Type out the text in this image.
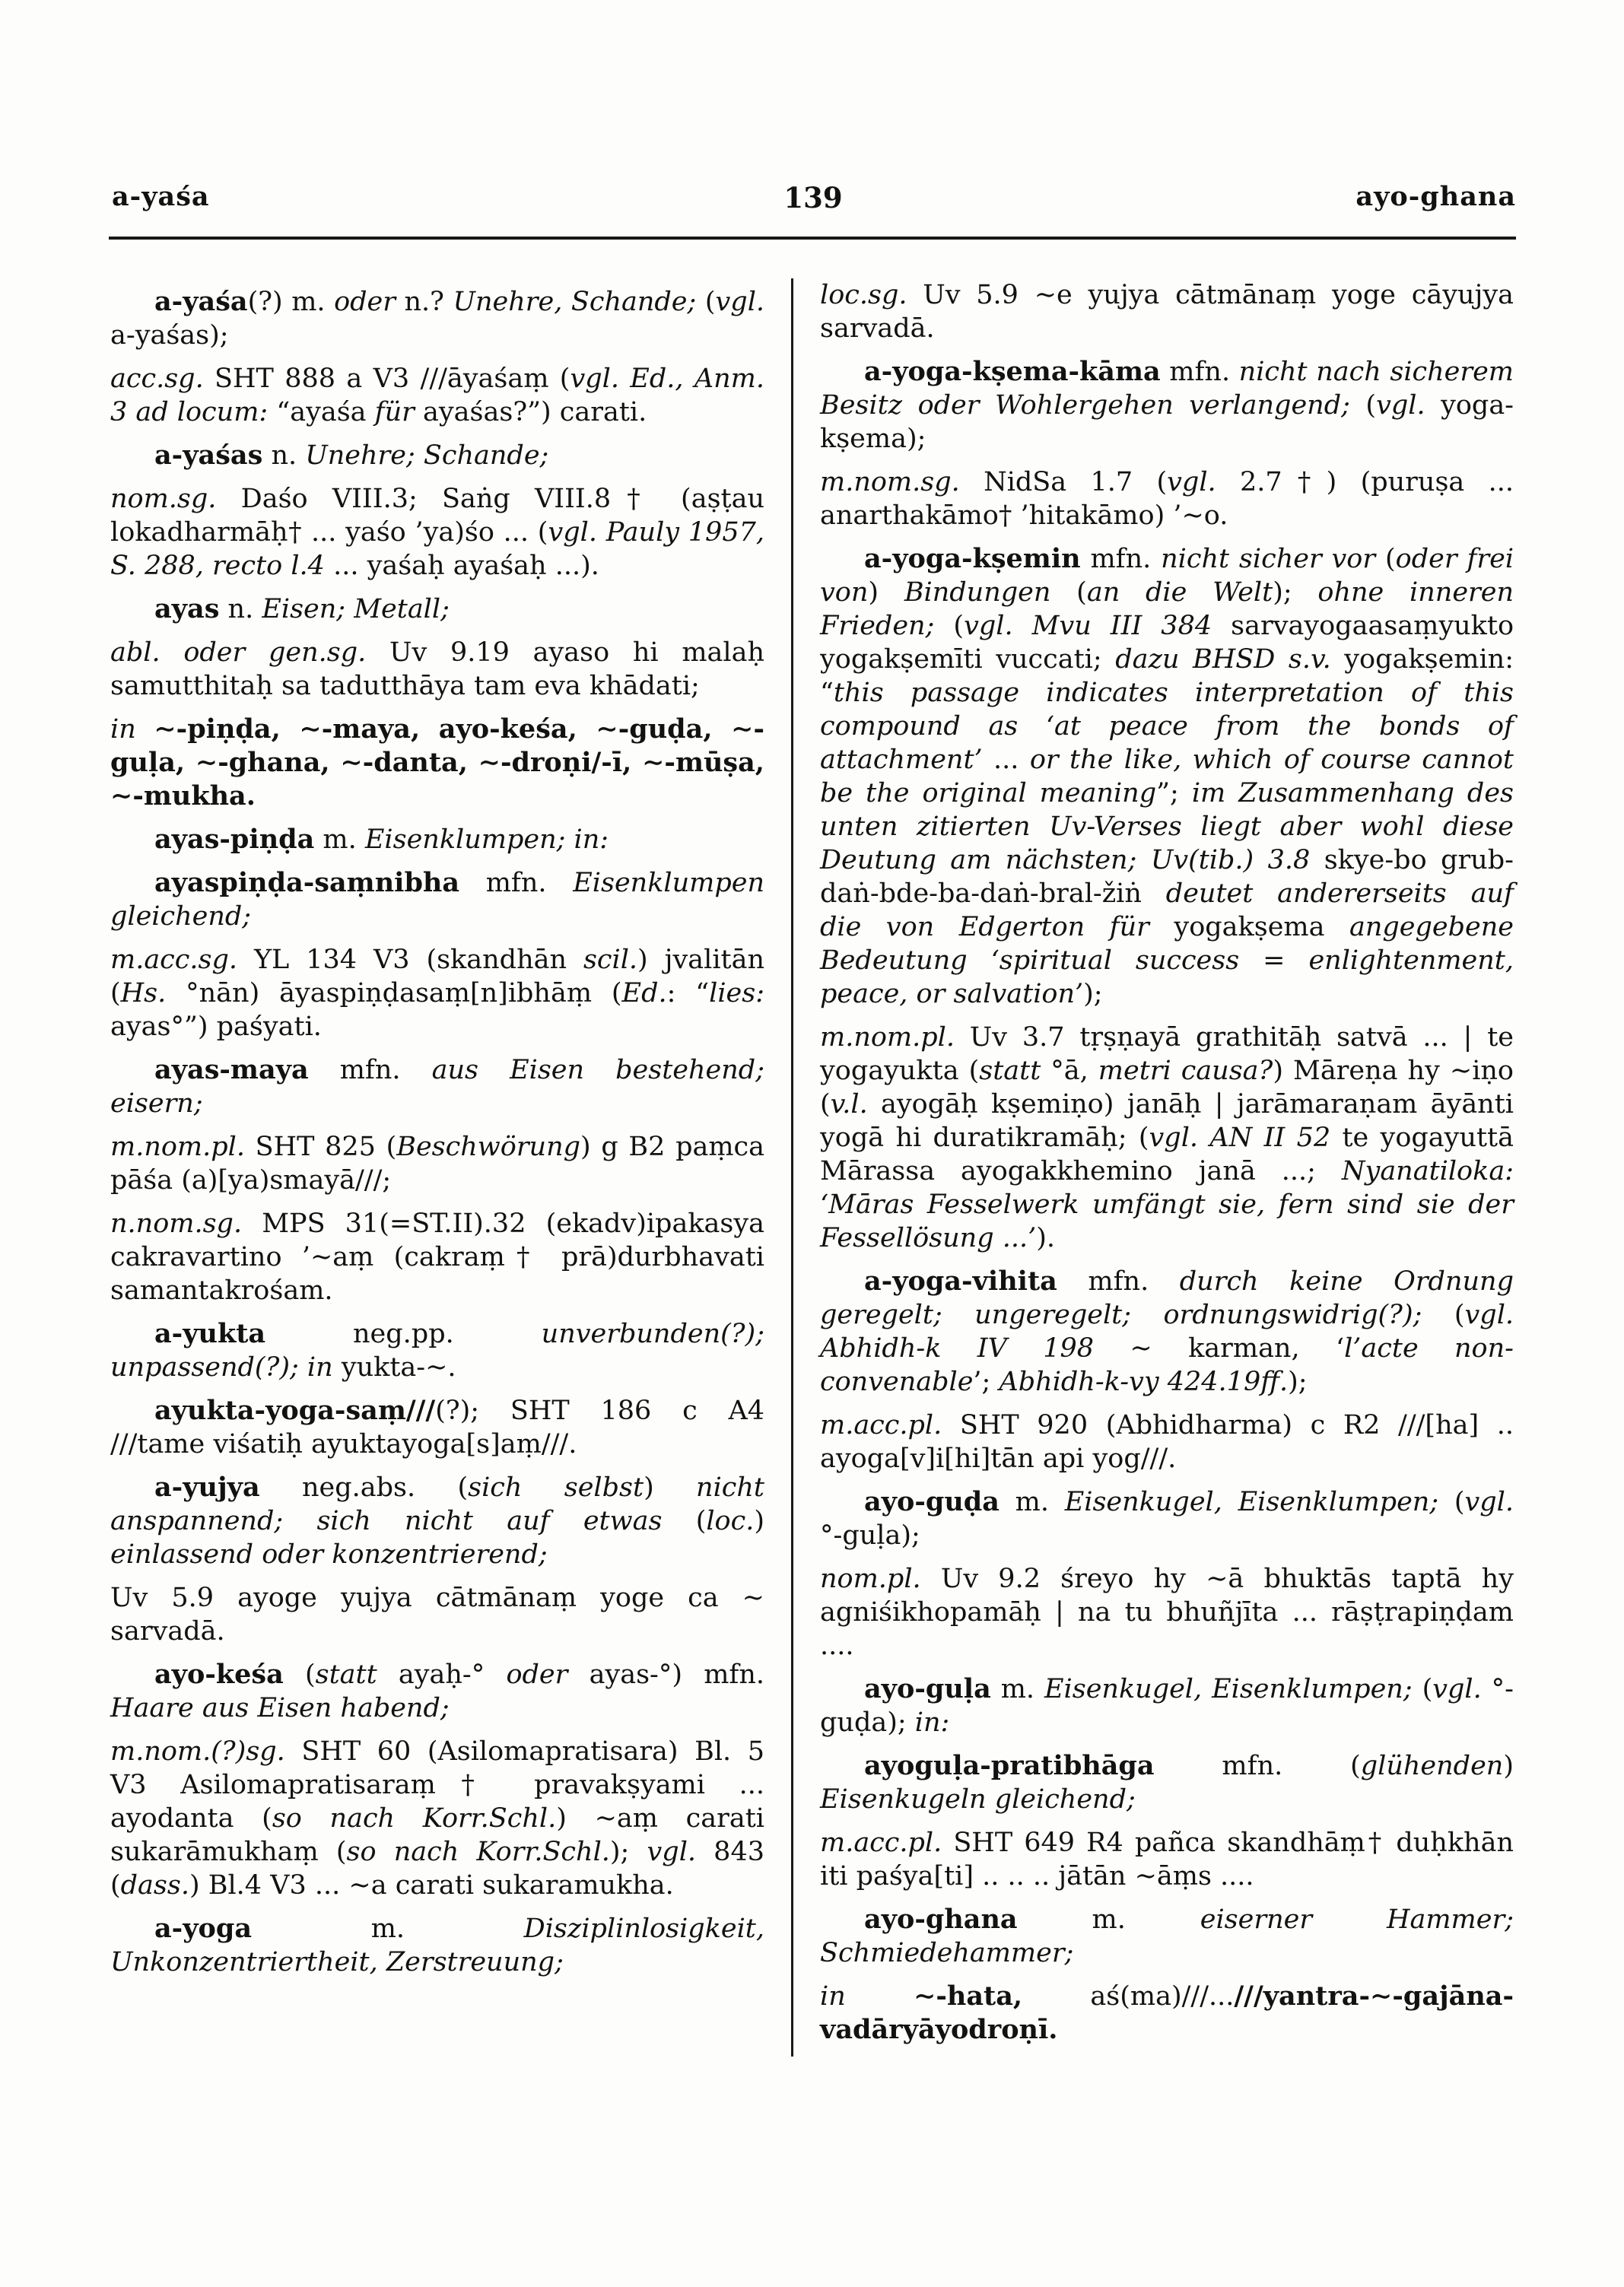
a-yaśa	139	ayo-ghana

a-yaśa(?) m. oder n.? Unehre, Schande; (vgl. a-yaśas);

acc.sg. SHT 888 a V3 ///āyaśaṃ (vgl. Ed., Anm. 3 ad locum: “ayaśa für ayaśas?”) carati.

a-yaśas n. Unehre; Schande;

nom.sg. Daśo VIII.3; Saṅg VIII.8† (aṣṭau lokadharmāḥ† ... yaśo ’ya)śo ... (vgl. Pauly 1957, S. 288, recto l.4 ... yaśaḥ ayaśaḥ ...).

ayas n. Eisen; Metall;

abl. oder gen.sg. Uv 9.19 ayaso hi malaḥ samutthitaḥ sa tadutthāya tam eva khādati;

in ∼-piṇḍa, ∼-maya, ayo-keśa, ∼-guḍa, ∼-guḷa, ∼-ghana, ∼-danta, ∼-droṇi/-ī, ∼-mūṣa, ∼-mukha.

ayas-piṇḍa m. Eisenklumpen; in:

ayaspiṇḍa-saṃnibha mfn. Eisenklumpen gleichend;

m.acc.sg. YL 134 V3 (skandhān scil.) jvalitān (Hs. °nān) āyaspiṇḍasaṃ[n]ibhāṃ (Ed.: “lies: ayas°”) paśyati.

ayas-maya mfn. aus Eisen bestehend; eisern;

m.nom.pl. SHT 825 (Beschwörung) g B2 paṃca pāśa (a)[ya)smayā///;

n.nom.sg. MPS 31(=ST.II).32 (ekadv)ipakasya cakravartino ’∼aṃ (cakraṃ† prā)durbhavati samantakrośam.

a-yukta neg.pp. unverbunden(?); unpassend(?); in yukta-∼.

ayukta-yoga-saṃ///(?); SHT 186 c A4 ///tame viśatiḥ ayuktayoga[s]aṃ///.

a-yujya neg.abs. (sich selbst) nicht anspannend; sich nicht auf etwas (loc.) einlassend oder konzentrierend;

Uv 5.9 ayoge yujya cātmānaṃ yoge ca ∼ sarvadā.

ayo-keśa (statt ayaḥ-° oder ayas-°) mfn. Haare aus Eisen habend;

m.nom.(?)sg. SHT 60 (Asilomapratisara) Bl. 5 V3 Asilomapratisaraṃ† pravakṣyami ... ayodanta (so nach Korr.Schl.) ∼aṃ carati sukarāmukhaṃ (so nach Korr.Schl.); vgl. 843 (dass.) Bl.4 V3 ... ∼a carati sukaramukha.

a-yoga m. Disziplinlosigkeit, Unkonzentriertheit, Zerstreuung;

loc.sg. Uv 5.9 ∼e yujya cātmānaṃ yoge cāyujya sarvadā.

a-yoga-kṣema-kāma mfn. nicht nach sicherem Besitz oder Wohlergehen verlangend; (vgl. yoga-kṣema);

m.nom.sg. NidSa 1.7 (vgl. 2.7†) (puruṣa ... anarthakāmo† ’hitakāmo) ’∼o.

a-yoga-kṣemin mfn. nicht sicher vor (oder frei von) Bindungen (an die Welt); ohne inneren Frieden; (vgl. Mvu III 384 sarvayogaasaṃyukto yogakṣemīti vuccati; dazu BHSD s.v. yogakṣemin: “this passage indicates interpretation of this compound as ‘at peace from the bonds of attachment’ ... or the like, which of course cannot be the original meaning”; im Zusammenhang des unten zitierten Uv-Verses liegt aber wohl diese Deutung am nächsten; Uv(tib.) 3.8 skye-bo grub-daṅ-bde-ba-daṅ-bral-žiṅ deutet andererseits auf die von Edgerton für yogakṣema angegebene Bedeutung ‘spiritual success = enlightenment, peace, or salvation’);

m.nom.pl. Uv 3.7 tṛṣṇayā grathitāḥ satvā ... | te yogayukta (statt °ā, metri causa?) Māreṇa hy ∼iṇo (v.l. ayogāḥ kṣemiṇo) janāḥ | jarāmaraṇam āyānti yogā hi duratikramāḥ; (vgl. AN II 52 te yogayuttā Mārassa ayogakkhemino janā ...; Nyanatiloka: ‘Māras Fesselwerk umfängt sie, fern sind sie der Fessellösung ...’).

a-yoga-vihita mfn. durch keine Ordnung geregelt; ungeregelt; ordnungswidrig(?); (vgl. Abhidh-k IV 198 ∼ karman, ‘l’acte non-convenable’; Abhidh-k-vy 424.19ff.);

m.acc.pl. SHT 920 (Abhidharma) c R2 ///[ha] .. ayoga[v]i[hi]tān api yog///.

ayo-guḍa m. Eisenkugel, Eisenklumpen; (vgl. °-guḷa);

nom.pl. Uv 9.2 śreyo hy ∼ā bhuktās taptā hy agniśikhopamāḥ | na tu bhuñjīta ... rāṣṭrapiṇḍam ....

ayo-guḷa m. Eisenkugel, Eisenklumpen; (vgl. °-guḍa); in:

ayoguḷa-pratibhāga mfn. (glühenden) Eisenkugeln gleichend;

m.acc.pl. SHT 649 R4 pañca skandhāṃ† duḥkhān iti paśya[ti] .. .. .. jātān ∼āṃs ....

ayo-ghana m. eiserner Hammer; Schmiedehammer;

in	∼-hata, aś(ma)///...///yantra-∼-gajāna-vadāryāyodroṇī.
